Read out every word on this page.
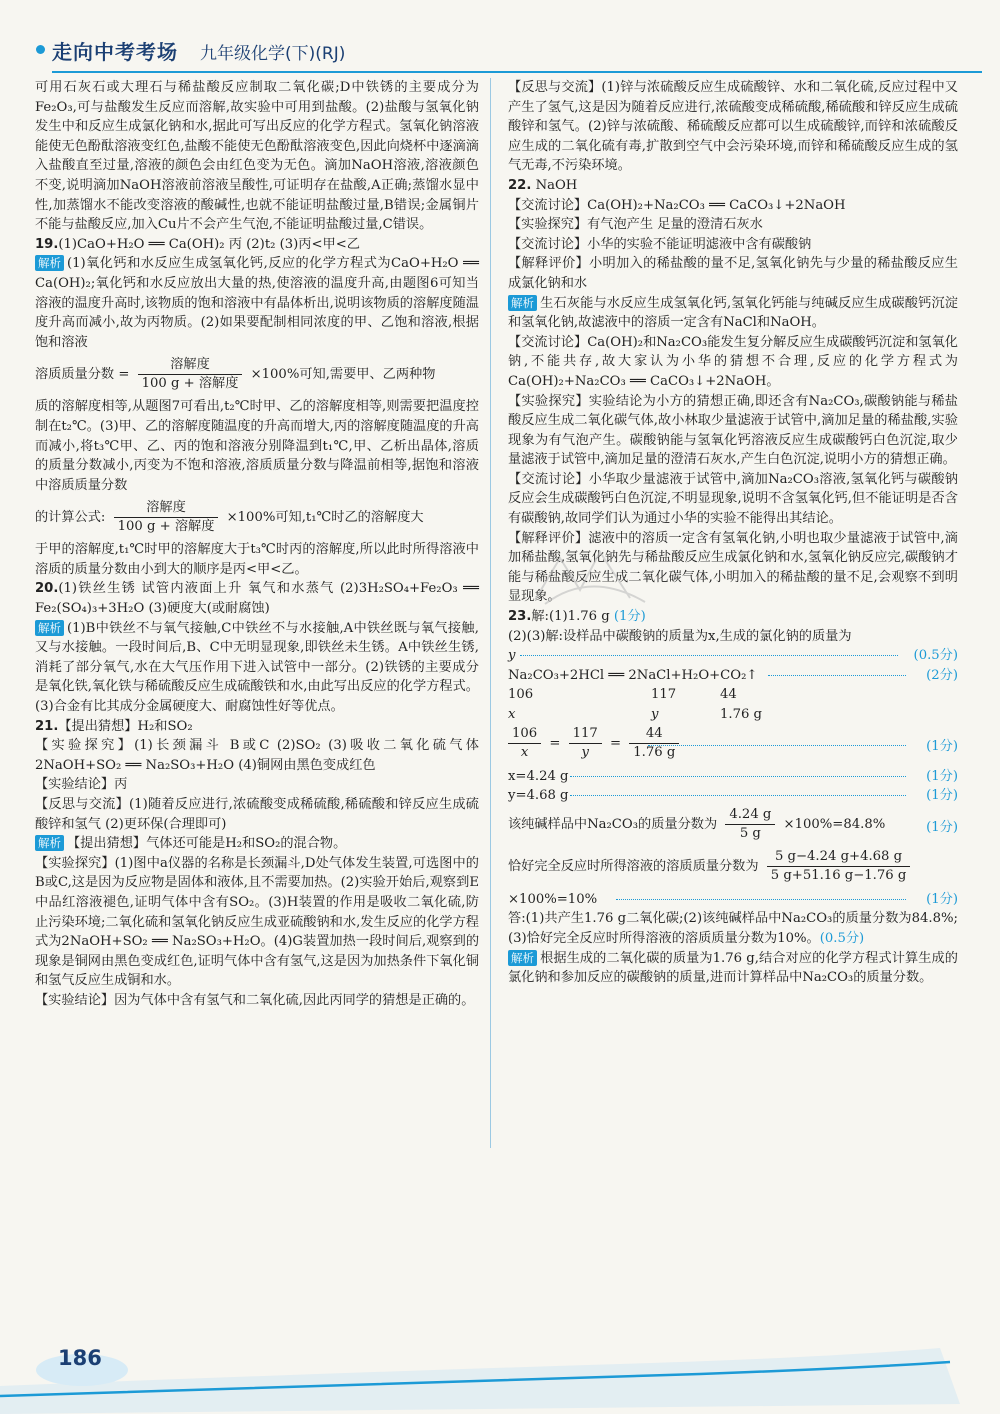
走向中考考场 九年级化学(下)(RJ)

可用石灰石或大理石与稀盐酸反应制取二氧化碳;D中铁锈的主要成分为Fe₂O₃,可与盐酸发生反应而溶解,故实验中可用到盐酸。(2)盐酸与氢氧化钠发生中和反应生成氯化钠和水,据此可写出反应的化学方程式。氢氧化钠溶液能使无色酚酞溶液变红色,盐酸不能使无色酚酞溶液变色,因此向烧杯中逐滴滴入盐酸直至过量,溶液的颜色会由红色变为无色。滴加NaOH溶液,溶液颜色不变,说明滴加NaOH溶液前溶液呈酸性,可证明存在盐酸,A正确;蒸馏水显中性,加蒸馏水不能改变溶液的酸碱性,也就不能证明盐酸过量,B错误;金属铜片不能与盐酸反应,加入Cu片不会产生气泡,不能证明盐酸过量,C错误。

19.(1)CaO+H₂O ══ Ca(OH)₂ 丙 (2)t₂ (3)丙<甲<乙

解析 (1)氧化钙和水反应生成氢氧化钙,反应的化学方程式为CaO+H₂O ══ Ca(OH)₂;氧化钙和水反应放出大量的热,使溶液的温度升高,由题图6可知当溶液的温度升高时,该物质的饱和溶液中有晶体析出,说明该物质的溶解度随温度升高而减小,故为丙物质。(2)如果要配制相同浓度的甲、乙饱和溶液,根据饱和溶液

溶质质量分数 = $\frac{\text{溶解度}}{\text{100 g + 溶解度}} \times 100\%$可知,需要甲、乙两种物

质的溶解度相等,从题图7可看出,t₂℃时甲、乙的溶解度相等,则需要把温度控制在t₂℃。(3)甲、乙的溶解度随温度的升高而增大,丙的溶解度随温度的升高而减小,将t₃℃甲、乙、丙的饱和溶液分别降温到t₁℃,甲、乙析出晶体,溶质的质量分数减小,丙变为不饱和溶液,溶质质量分数与降温前相等,据饱和溶液中溶质质量分数

的计算公式: $\frac{\text{溶解度}}{\text{100 g + 溶解度}} \times 100\%$可知,t₁℃时乙的溶解度大

于甲的溶解度,t₁℃时甲的溶解度大于t₃℃时丙的溶解度,所以此时所得溶液中溶质的质量分数由小到大的顺序是丙<甲<乙。

20.(1)铁丝生锈 试管内液面上升 氧气和水蒸气 (2)3H₂SO₄+Fe₂O₃ ══ Fe₂(SO₄)₃+3H₂O (3)硬度大(或耐腐蚀)

解析 (1)B中铁丝不与氧气接触,C中铁丝不与水接触,A中铁丝既与氧气接触,又与水接触。一段时间后,B、C中无明显现象,即铁丝未生锈。A中铁丝生锈,消耗了部分氧气,水在大气压作用下进入试管中一部分。(2)铁锈的主要成分是氧化铁,氧化铁与稀硫酸反应生成硫酸铁和水,由此写出反应的化学方程式。(3)合金有比其成分金属硬度大、耐腐蚀性好等优点。

21.【提出猜想】H₂和SO₂

【实验探究】(1)长颈漏斗 B或C (2)SO₂ (3)吸收二氧化硫气体 2NaOH+SO₂ ══ Na₂SO₃+H₂O (4)铜网由黑色变成红色

【实验结论】丙

【反思与交流】(1)随着反应进行,浓硫酸变成稀硫酸,稀硫酸和锌反应生成硫酸锌和氢气 (2)更环保(合理即可)

解析 【提出猜想】气体还可能是H₂和SO₂的混合物。

【实验探究】(1)图中a仪器的名称是长颈漏斗,D处气体发生装置,可选图中的B或C,这是因为反应物是固体和液体,且不需要加热。(2)实验开始后,观察到E中品红溶液褪色,证明气体中含有SO₂。(3)H装置的作用是吸收二氧化硫,防止污染环境;二氧化硫和氢氧化钠反应生成亚硫酸钠和水,发生反应的化学方程式为2NaOH+SO₂ ══ Na₂SO₃+H₂O。(4)G装置加热一段时间后,观察到的现象是铜网由黑色变成红色,证明气体中含有氢气,这是因为加热条件下氧化铜和氢气反应生成铜和水。

【实验结论】因为气体中含有氢气和二氧化硫,因此丙同学的猜想是正确的。

【反思与交流】(1)锌与浓硫酸反应生成硫酸锌、水和二氧化硫,反应过程中又产生了氢气,这是因为随着反应进行,浓硫酸变成稀硫酸,稀硫酸和锌反应生成硫酸锌和氢气。(2)锌与浓硫酸、稀硫酸反应都可以生成硫酸锌,而锌和浓硫酸反应生成的二氧化硫有毒,扩散到空气中会污染环境,而锌和稀硫酸反应生成的氢气无毒,不污染环境。

22. NaOH

【交流讨论】Ca(OH)₂+Na₂CO₃ ══ CaCO₃↓+2NaOH

【实验探究】有气泡产生 足量的澄清石灰水

【交流讨论】小华的实验不能证明滤液中含有碳酸钠

【解释评价】小明加入的稀盐酸的量不足,氢氧化钠先与少量的稀盐酸反应生成氯化钠和水

解析 生石灰能与水反应生成氢氧化钙,氢氧化钙能与纯碱反应生成碳酸钙沉淀和氢氧化钠,故滤液中的溶质一定含有NaCl和NaOH。

【交流讨论】Ca(OH)₂和Na₂CO₃能发生复分解反应生成碳酸钙沉淀和氢氧化钠,不能共存,故大家认为小华的猜想不合理,反应的化学方程式为Ca(OH)₂+Na₂CO₃ ══ CaCO₃↓+2NaOH。

【实验探究】实验结论为小方的猜想正确,即还含有Na₂CO₃,碳酸钠能与稀盐酸反应生成二氧化碳气体,故小林取少量滤液于试管中,滴加足量的稀盐酸,实验现象为有气泡产生。碳酸钠能与氢氧化钙溶液反应生成碳酸钙白色沉淀,取少量滤液于试管中,滴加足量的澄清石灰水,产生白色沉淀,说明小方的猜想正确。

【交流讨论】小华取少量滤液于试管中,滴加Na₂CO₃溶液,氢氧化钙与碳酸钠反应会生成碳酸钙白色沉淀,不明显现象,说明不含氢氧化钙,但不能证明是否含有碳酸钠,故同学们认为通过小华的实验不能得出其结论。

【解释评价】滤液中的溶质一定含有氢氧化钠,小明也取少量滤液于试管中,滴加稀盐酸,氢氧化钠先与稀盐酸反应生成氯化钠和水,氢氧化钠反应完,碳酸钠才能与稀盐酸反应生成二氧化碳气体,小明加入的稀盐酸的量不足,会观察不到明显现象。

23.解:(1)1.76 g (1分)

(2)(3)解:设样品中碳酸钠的质量为x,生成的氯化钠的质量为

y	(0.5分)
Na₂CO₃+2HCl ══ 2NaCl+H₂O+CO₂↑	(2分)
106	117	44
x	y	1.76 g
$\frac{106}{x} = \frac{117}{y} = \frac{44}{1.76 g}$	(1分)
x=4.24 g	(1分)
y=4.68 g	(1分)
该纯碱样品中Na₂CO₃的质量分数为 $\frac{4.24 g}{5 g} \times 100\%=84.8\%$	(1分)
恰好完全反应时所得溶液的溶质质量分数为 $\frac{5 g-4.24 g+4.68 g}{5 g+51.16 g-1.76 g}$
×100%=10%	(1分)

答:(1)共产生1.76 g二氧化碳;(2)该纯碱样品中Na₂CO₃的质量分数为84.8%;(3)恰好完全反应时所得溶液的溶质质量分数为10%。(0.5分)

解析 根据生成的二氧化碳的质量为1.76 g,结合对应的化学方程式计算生成的氯化钠和参加反应的碳酸钠的质量,进而计算样品中Na₂CO₃的质量分数。

186
